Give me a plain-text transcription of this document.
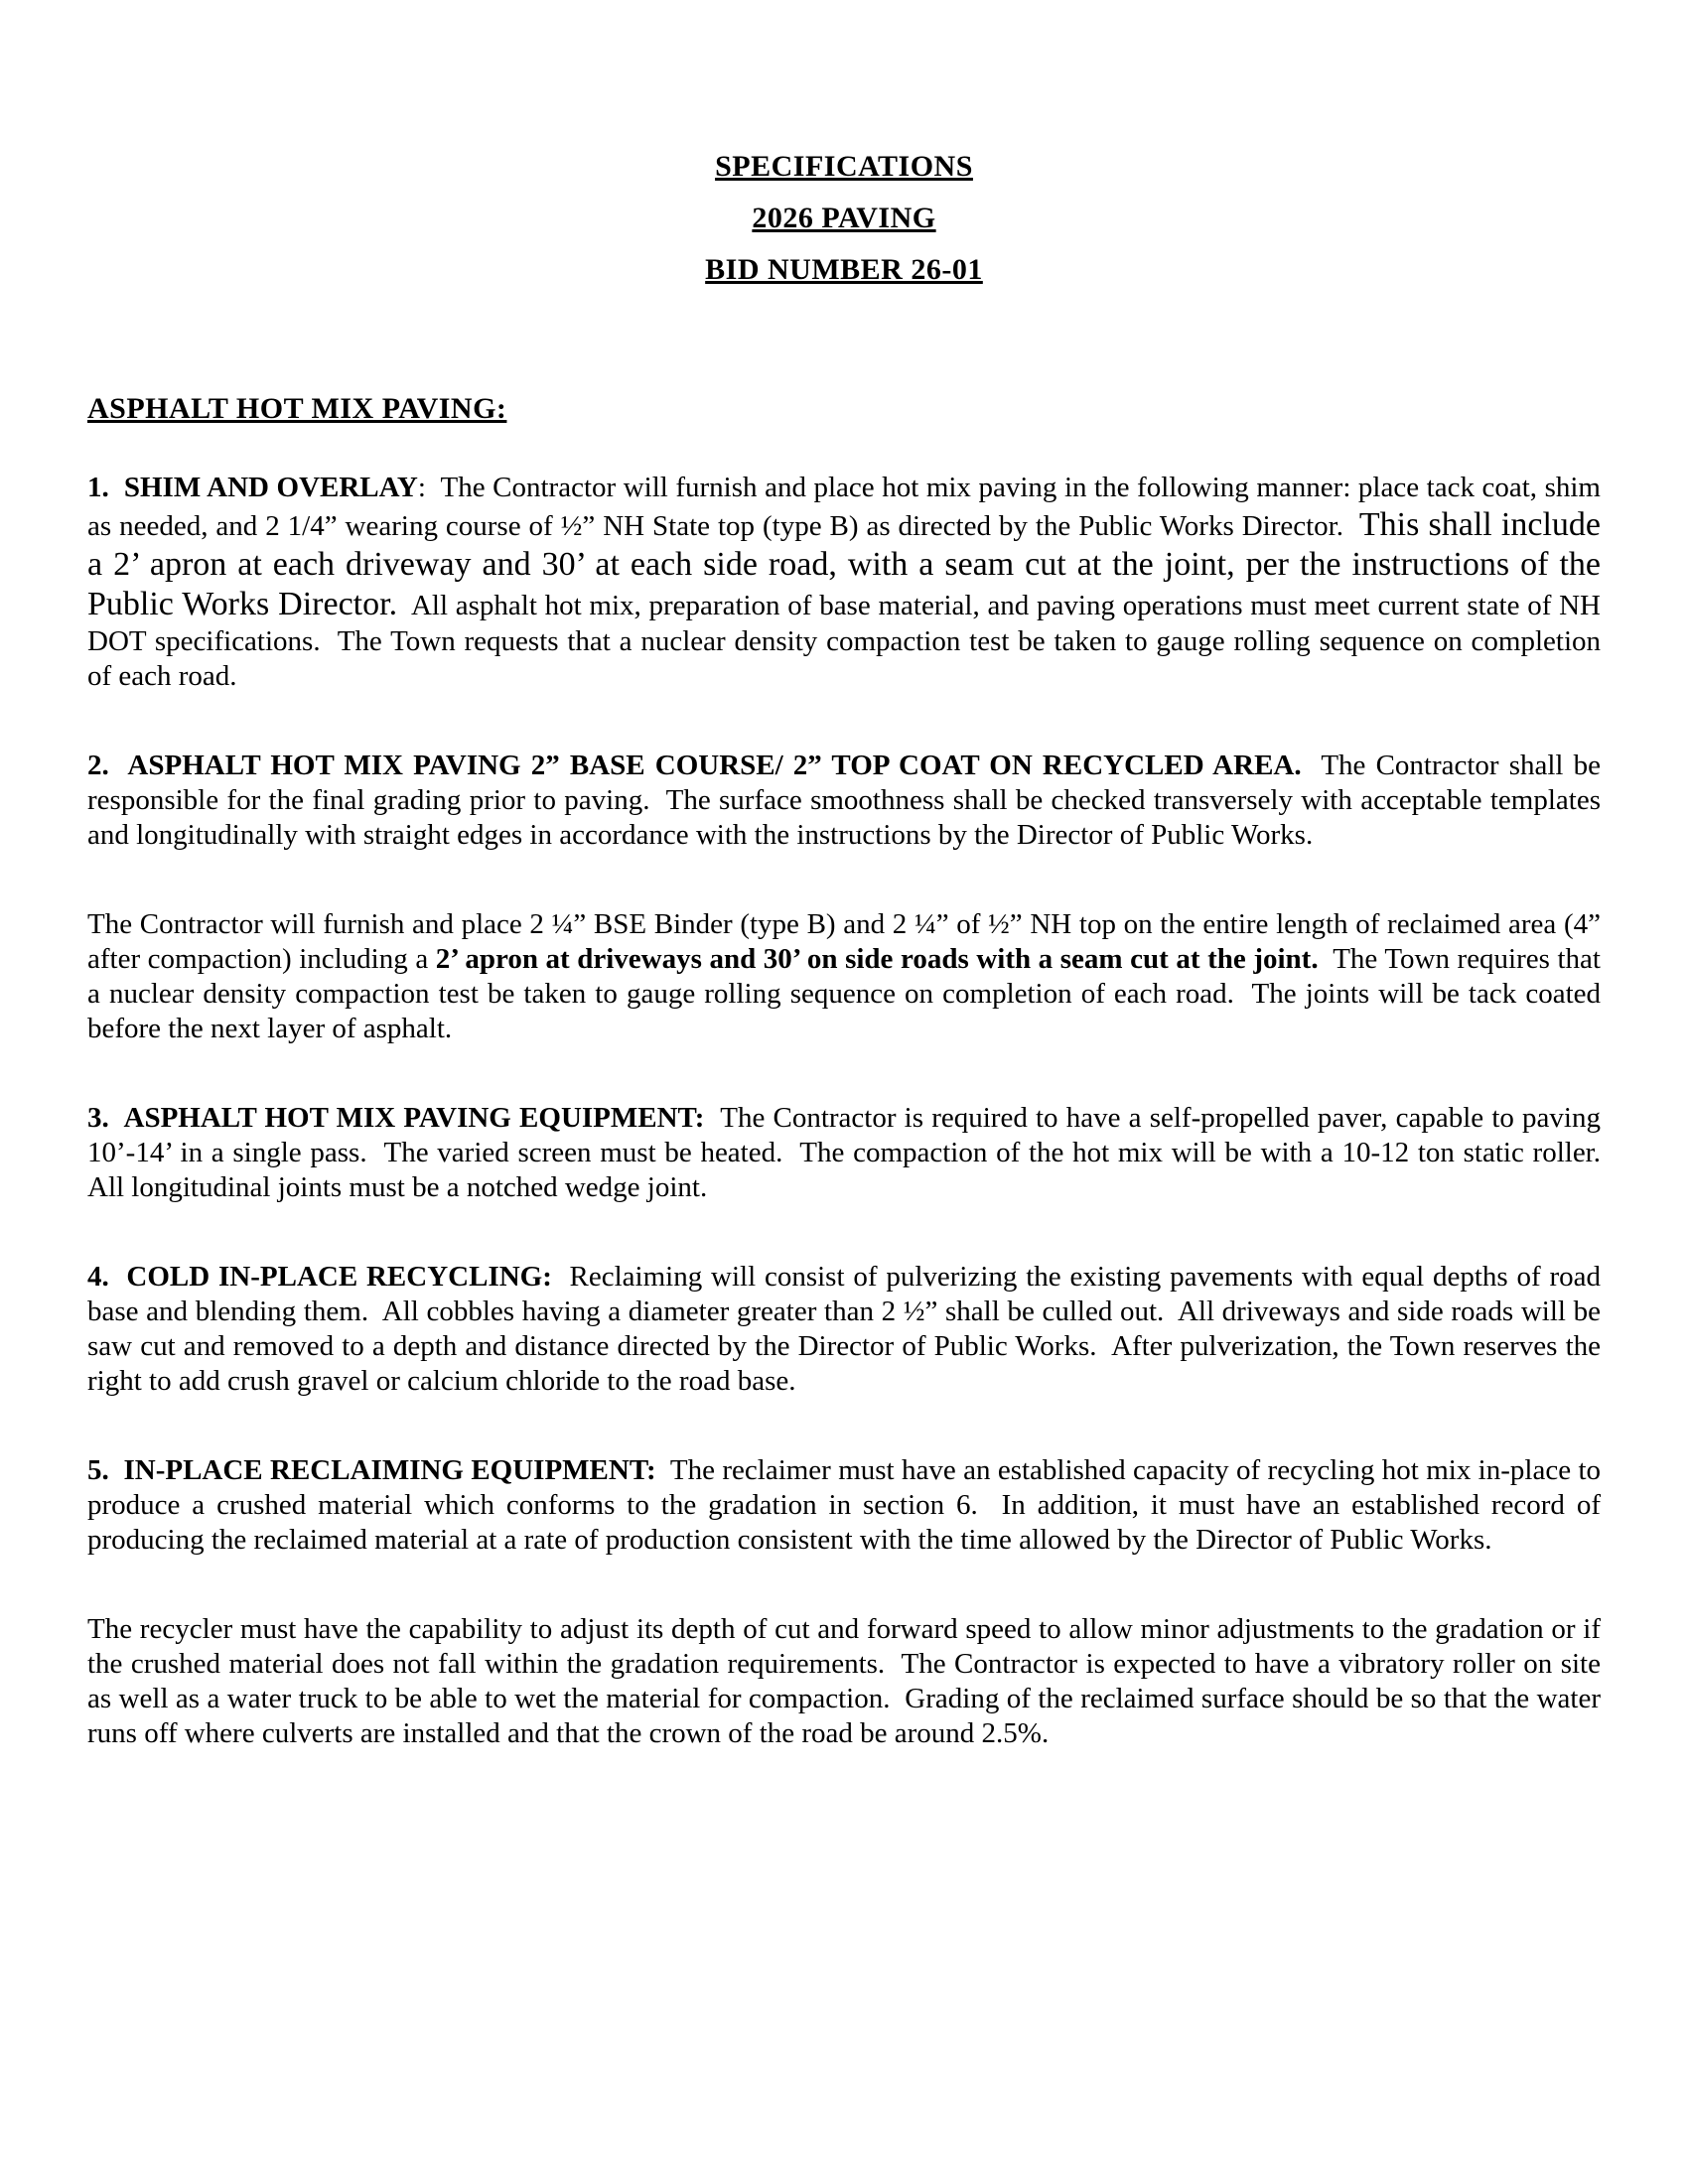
SPECIFICATIONS
2026 PAVING
BID NUMBER 26-01
ASPHALT HOT MIX PAVING:

1.  SHIM AND OVERLAY:  The Contractor will furnish and place hot mix paving in the following manner: place tack coat, shim as needed, and 2 1/4” wearing course of ½” NH State top (type B) as directed by the Public Works Director.  This shall include a 2’ apron at each driveway and 30’ at each side road, with a seam cut at the joint, per the instructions of the Public Works Director.  All asphalt hot mix, preparation of base material, and paving operations must meet current state of NH DOT specifications.  The Town requests that a nuclear density compaction test be taken to gauge rolling sequence on completion of each road.

2.  ASPHALT HOT MIX PAVING 2” BASE COURSE/ 2” TOP COAT ON RECYCLED AREA.  The Contractor shall be responsible for the final grading prior to paving.  The surface smoothness shall be checked transversely with acceptable templates and longitudinally with straight edges in accordance with the instructions by the Director of Public Works.

The Contractor will furnish and place 2 ¼” BSE Binder (type B) and 2 ¼” of ½” NH top on the entire length of reclaimed area (4” after compaction) including a 2’ apron at driveways and 30’ on side roads with a seam cut at the joint.  The Town requires that a nuclear density compaction test be taken to gauge rolling sequence on completion of each road.  The joints will be tack coated before the next layer of asphalt.

3.  ASPHALT HOT MIX PAVING EQUIPMENT:  The Contractor is required to have a self-propelled paver, capable to paving 10’-14’ in a single pass.  The varied screen must be heated.  The compaction of the hot mix will be with a 10-12 ton static roller. All longitudinal joints must be a notched wedge joint.

4.  COLD IN-PLACE RECYCLING:  Reclaiming will consist of pulverizing the existing pavements with equal depths of road base and blending them.  All cobbles having a diameter greater than 2 ½” shall be culled out.  All driveways and side roads will be saw cut and removed to a depth and distance directed by the Director of Public Works.  After pulverization, the Town reserves the right to add crush gravel or calcium chloride to the road base.

5.  IN-PLACE RECLAIMING EQUIPMENT:  The reclaimer must have an established capacity of recycling hot mix in-place to produce a crushed material which conforms to the gradation in section 6.  In addition, it must have an established record of producing the reclaimed material at a rate of production consistent with the time allowed by the Director of Public Works.

The recycler must have the capability to adjust its depth of cut and forward speed to allow minor adjustments to the gradation or if the crushed material does not fall within the gradation requirements.  The Contractor is expected to have a vibratory roller on site as well as a water truck to be able to wet the material for compaction.  Grading of the reclaimed surface should be so that the water runs off where culverts are installed and that the crown of the road be around 2.5%.
